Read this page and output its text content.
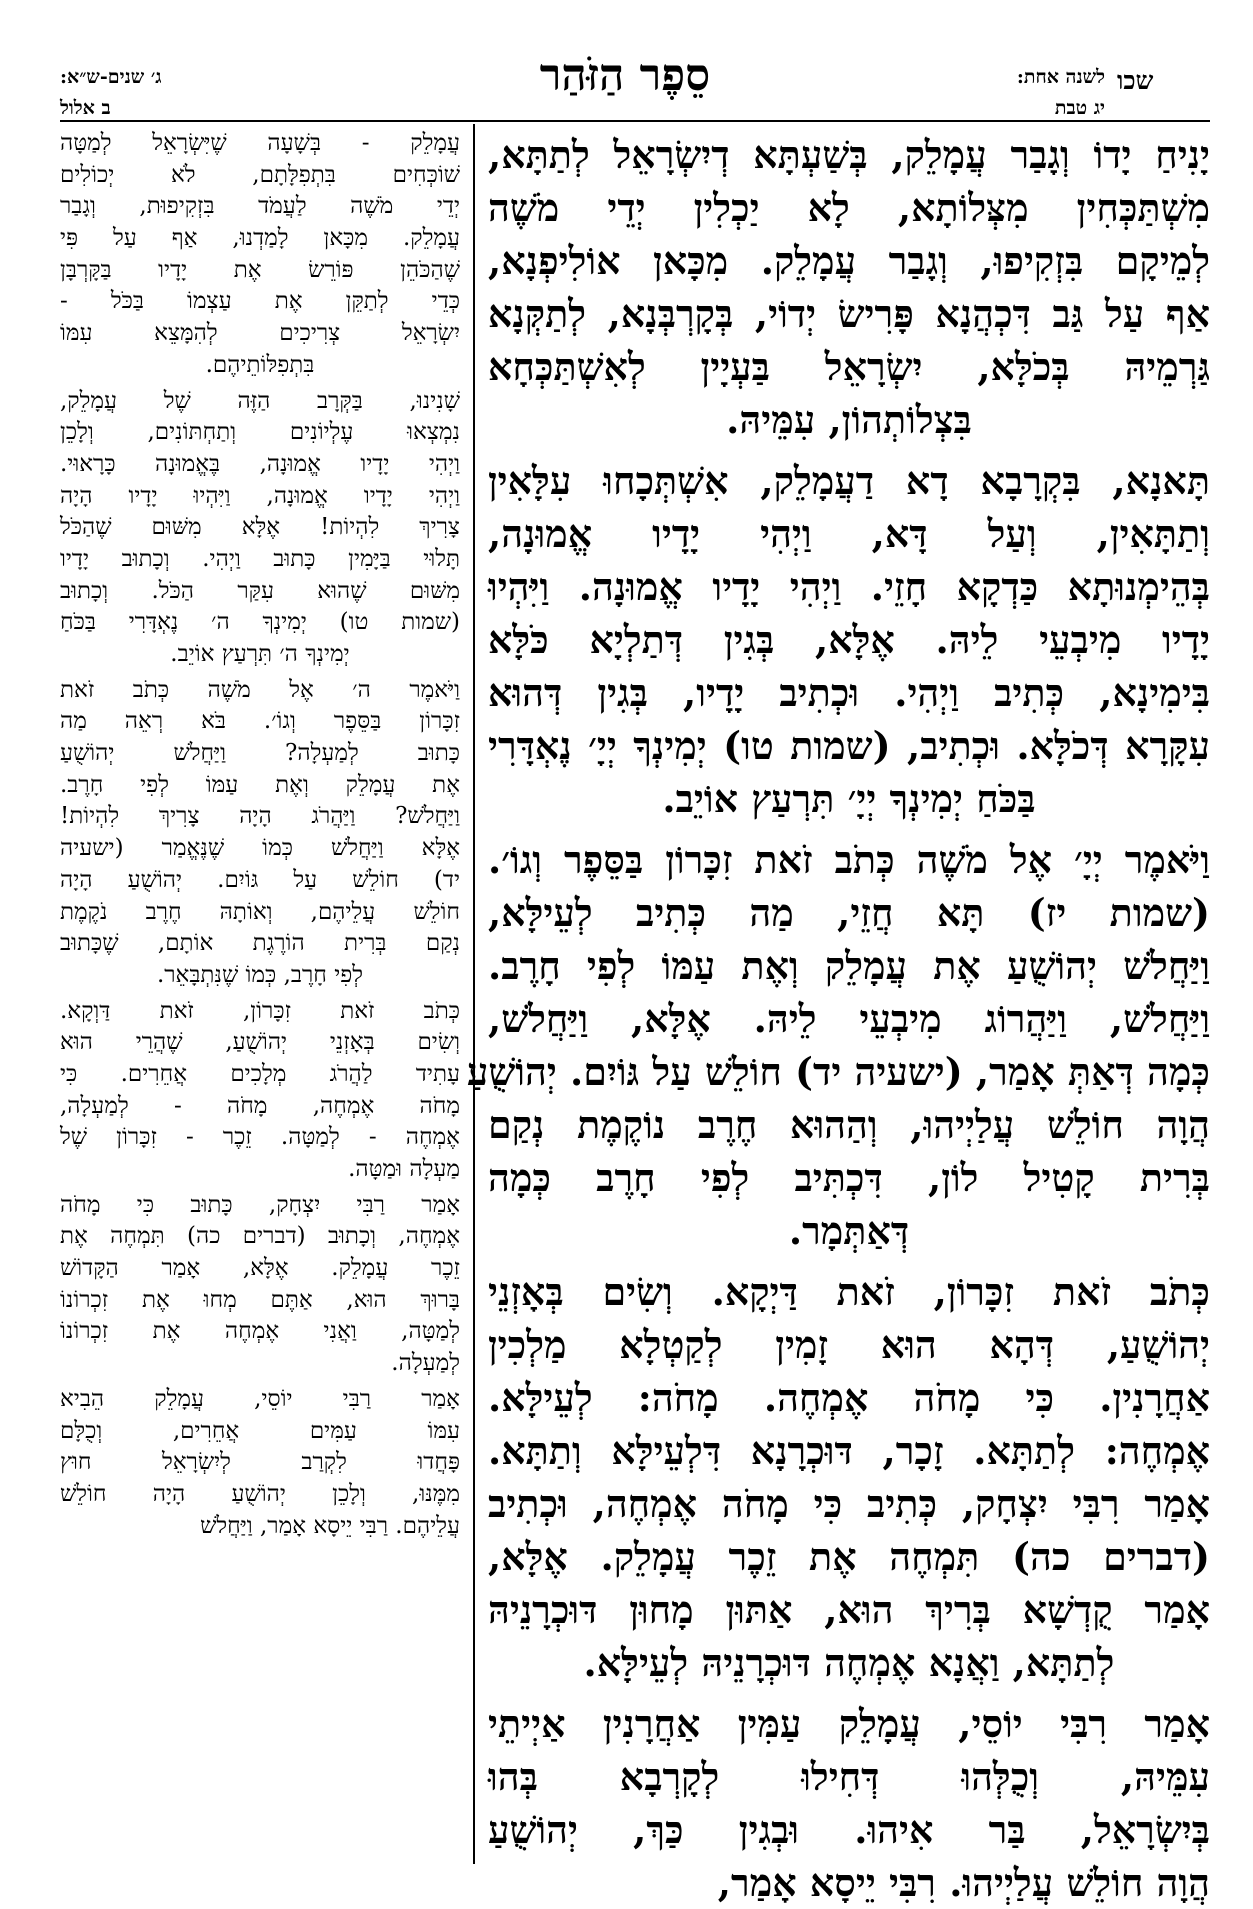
שכו
לשנה אחת:
יג טבת
סֵפֶר הַזֹּהַר
ג׳ שנים-ש״א:
ב אלול
יָנִיחַ יָדוֹ וְגָבַר עֲמָלֵק, בְּשַׁעְתָּא דְיִשְׂרָאֵל לְתַתָּא,
מִשְׁתַּכְּחִין מִצְּלוֹתָא, לָא יַכְלִין יְדֵי מֹשֶׁה
לְמֵיקָם בִּזְקִיפוּ, וְגָבַר עֲמָלֵק. מִכָּאן אוֹלִיפְנָא,
אַף עַל גַּב דִּכְהֲנָא פָּרִישׂ יְדוֹי, בְּקָרְבְּנָא, לְתַקְּנָא
גַּרְמֵיהּ בְּכֹלָּא, יִשְׂרָאֵל בַּעְיָין לְאִשְׁתַּכְּחָא
בִּצְלוֹתְהוֹן, עִמֵּיהּ.
תָּאנָא, בִּקְרָבָא דָא דַעֲמָלֵק, אִשְׁתְּכָחוּ עִלָּאִין
וְתַתָּאִין, וְעַל דָּא, וַיְהִי יָדָיו אֱמוּנָה,
בְּהֵימְנוּתָא כַּדְקָא חָזֵי. וַיְהִי יָדָיו אֱמוּנָה. וַיִּהְיוּ
יָדָיו מִיבְעֵי לֵיהּ. אֶלָּא, בְּגִין דְּתַלְיָא כֹּלָּא
בִּימִינָא, כְּתִיב וַיְהִי. וּכְתִיב יָדָיו, בְּגִין דְּהוּא
עִקָּרָא דְּכֹלָּא. וּכְתִיב, (שמות טו) יְמִינְךָ יְיָ׳ נֶאְדָּרִי
בַּכֹּחַ יְמִינְךָ יְיָ׳ תִּרְעַץ אוֹיֵב.
וַיֹּאמֶר יְיָ׳ אֶל מֹשֶׁה כְּתֹב זֹאת זִכָּרוֹן בַּסֵּפֶר וְגוֹ׳.
(שמות יז) תָּא חֲזֵי, מַה כְּתִיב לְעֵילָּא,
וַיַּחֲלֹשׁ יְהוֹשֻׁעַ אֶת עֲמָלֵק וְאֶת עַמּוֹ לְפִי חָרֶב.
וַיַּחֲלֹשׁ, וַיַּהֲרוֹג מִיבְעֵי לֵיהּ. אֶלָּא, וַיַּחֲלֹשׁ,
כְּמָה דְּאַתְּ אָמַר, (ישעיה יד) חוֹלֵשׁ עַל גּוֹיִם. יְהוֹשֻׁעַ
הֲוָה חוֹלֵשׁ עֲלַיְיהוּ, וְהַהוּא חֶרֶב נוֹקֶמֶת נְקַם
בְּרִית קָטִיל לוֹן, דִּכְתִּיב לְפִי חָרֶב כְּמָה
דְּאַתְּמָר.
כְּתֹב זֹאת זִכָּרוֹן, זֹאת דַּיְקָא. וְשִׂים בְּאָזְנֵי
יְהוֹשֻׁעַ, דְּהָא הוּא זָמִין לְקַטְלָא מַלְכִין
אַחֲרָנִין. כִּי מָחֹה אֶמְחֶה. מָחֹה: לְעֵילָּא.
אֶמְחֶה: לְתַתָּא. זָכָר, דּוּכְרָנָא דִּלְעֵילָּא וְתַתָּא.
אָמַר רִבִּי יִצְחָק, כְּתִיב כִּי מָחֹה אֶמְחֶה, וּכְתִיב
(דברים כה) תִּמְחֶה אֶת זֵכֶר עֲמָלֵק. אֶלָּא,
אָמַר קֻדְשָׁא בְּרִיךְ הוּא, אַתּוּן מָחוּן דּוּכְרָנֵיהּ
לְתַתָּא, וַאֲנָא אֶמְחֶה דּוּכְרָנֵיהּ לְעֵילָּא.
אָמַר רִבִּי יוֹסֵי, עֲמָלֵק עַמִּין אַחֲרָנִין אַיְיתֵי
עִמֵּיהּ, וְכֻלְּהוּ דְּחִילוּ לְקָרְבָא בְּהוּ
בְּיִשְׂרָאֵל, בַּר אִיהוּ. וּבְגִין כַּךְ, יְהוֹשֻׁעַ
הֲוָה חוֹלֵשׁ עֲלַיְיהוּ. רִבִּי יֵיסָא אָמַר,
עֲמָלֵק - בְּשָׁעָה שֶׁיִּשְׂרָאֵל לְמַטָּה
שׁוֹכְּחִים בִּתְפִלָּתָם, לֹא יְכוֹלִים
יְדֵי מֹשֶׁה לַעֲמֹד בִּזְקִיפוּת, וְגָבַר
עֲמָלֵק. מִכָּאן לָמַדְנוּ, אַף עַל פִּי
שֶׁהַכֹּהֵן פּוֹרֵשׂ אֶת יָדָיו בַּקָּרְבָּן
כְּדֵי לְתַקֵּן אֶת עַצְמוֹ בַּכֹּל -
יִשְׂרָאֵל צְרִיכִים לְהִמָּצֵא עִמּוֹ
בִּתְפִלּוֹתֵיהֶם.
שָׁנִינוּ, בַּקְּרָב הַזֶּה שֶׁל עֲמָלֵק,
נִמְצְאוּ עֶלְיוֹנִים וְתַחְתּוֹנִים, וְלָכֵן
וַיְהִי יָדָיו אֱמוּנָה, בֶּאֱמוּנָה כָּרָאוּי.
וַיְהִי יָדָיו אֱמוּנָה, וַיִּהְיוּ יָדָיו הָיָה
צָרִיךְ לִהְיוֹת! אֶלָּא מִשּׁוּם שֶׁהַכֹּל
תָּלוּי בַּיָּמִין כָּתוּב וַיְהִי. וְכָתוּב יָדָיו
מִשּׁוּם שֶׁהוּא עִקַּר הַכֹּל. וְכָתוּב
(שמות טו) יְמִינְךָ ה׳ נֶאְדָּרִי בַּכֹּחַ
יְמִינְךָ ה׳ תִּרְעַץ אוֹיֵב.
וַיֹּאמֶר ה׳ אֶל מֹשֶׁה כְּתֹב זֹאת
זִכָּרוֹן בַּסֵּפֶר וְגוֹ׳. בֹּא רְאֵה מַה
כָּתוּב לְמַעְלָה? וַיַּחֲלֹשׁ יְהוֹשֻׁעַ
אֶת עֲמָלֵק וְאֶת עַמּוֹ לְפִי חָרֶב.
וַיַּחֲלֹשׁ? וַיַּהֲרֹג הָיָה צָרִיךְ לִהְיוֹת!
אֶלָּא וַיַּחֲלֹשׁ כְּמוֹ שֶׁנֶּאֱמַר (ישעיה
יד) חוֹלֵשׁ עַל גּוֹיִם. יְהוֹשֻׁעַ הָיָה
חוֹלֵשׁ עֲלֵיהֶם, וְאוֹתָהּ חֶרֶב נֹקֶמֶת
נְקַם בְּרִית הוֹרֶגֶת אוֹתָם, שֶׁכָּתוּב
לְפִי חָרֶב, כְּמוֹ שֶׁנִּתְבָּאֵר.
כְּתֹב זֹאת זִכָּרוֹן, זֹאת דַּוְקָא.
וְשִׂים בְּאָזְנֵי יְהוֹשֻׁעַ, שֶׁהֲרֵי הוּא
עָתִיד לַהֲרֹג מְלָכִים אֲחֵרִים. כִּי
מָחֹה אֶמְחֶה, מָחֹה - לְמַעְלָה,
אֶמְחֶה - לְמַטָּה. זֵכֶר - זִכָּרוֹן שֶׁל
מַעְלָה וּמַטָּה.
אָמַר רַבִּי יִצְחָק, כָּתוּב כִּי מָחֹה
אֶמְחֶה, וְכָתוּב (דברים כה) תִּמְחֶה אֶת
זֵכֶר עֲמָלֵק. אֶלָּא, אָמַר הַקָּדוֹשׁ
בָּרוּךְ הוּא, אַתֶּם מְחוּ אֶת זִכְרוֹנוֹ
לְמַטָּה, וַאֲנִי אֶמְחֶה אֶת זִכְרוֹנוֹ
לְמַעְלָה.
אָמַר רַבִּי יוֹסֵי, עֲמָלֵק הֵבִיא
עִמּוֹ עַמִּים אֲחֵרִים, וְכֻלָּם
פָּחֲדוּ לִקְרַב לְיִשְׂרָאֵל חוּץ
מִמֶּנּוּ, וְלָכֵן יְהוֹשֻׁעַ הָיָה חוֹלֵשׁ
עֲלֵיהֶם. רַבִּי יֵיסָא אָמַר, וַיַּחֲלֹשׁ
